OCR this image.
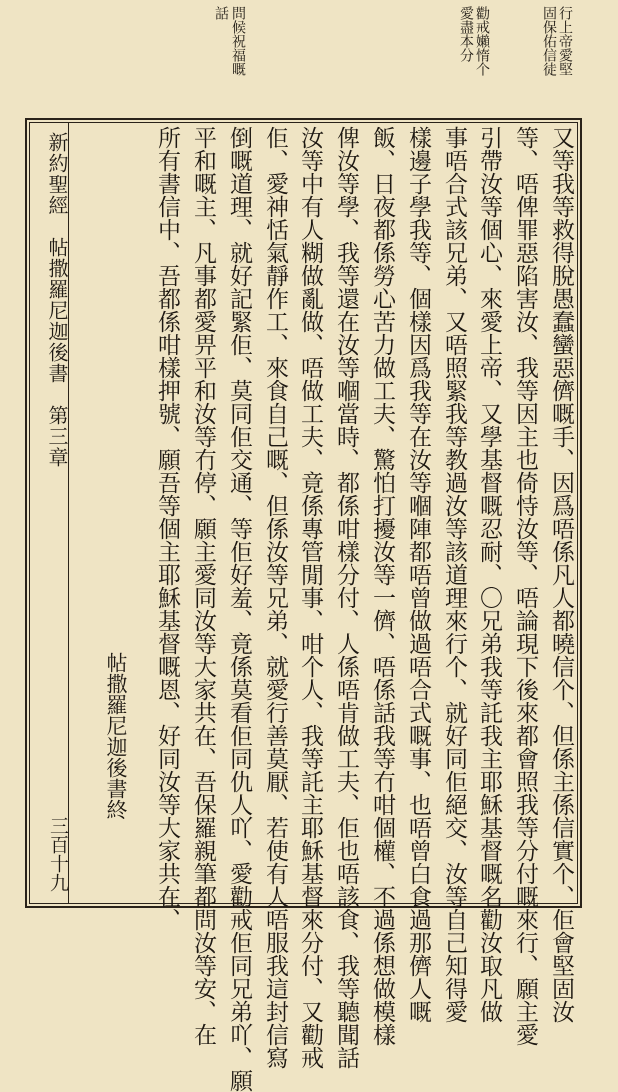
行上帝愛堅
固保佑信徒
勸戒嬾惰个
愛盡本分
問候祝福嘅
話
新約聖經　帖撒羅尼迦後書　第三章
三百十九	又等我等救得脫愚蠢蠻惡儕嘅手、因爲唔係凡人都曉信个、但係主係信實个、佢會堅固汝
等、唔俾罪惡陷害汝、我等因主也倚恃汝等、唔論現下後來都會照我等分付嘅來行、願主愛
引帶汝等個心、來愛上帝、又學基督嘅忍耐、〇兄弟我等託我主耶穌基督嘅名勸汝取凡做
事唔合式該兄弟、又唔照緊我等教過汝等該道理來行个、就好同佢絕交、汝等自己知得愛
樣邊子學我等、個樣因爲我等在汝等嗰陣都唔曾做過唔合式嘅事、也唔曾白食過那儕人嘅
飯、日夜都係勞心苦力做工夫、驚怕打擾汝等一儕、唔係話我等冇咁個權、不過係想做模樣
俾汝等學、我等還在汝等嗰當時、都係咁樣分付、人係唔肯做工夫、佢也唔該食、我等聽聞話
汝等中有人糊做亂做、唔做工夫、竟係專管閒事、咁个人、我等託主耶穌基督來分付、又勸戒
佢、愛神恬氣靜作工、來食自己嘅、但係汝等兄弟、就愛行善莫厭、若使有人唔服我這封信寫
倒嘅道理、就好記緊佢、莫同佢交通、等佢好羞、竟係莫看佢同仇人吖、愛勸戒佢同兄弟吖、願
平和嘅主、凡事都愛畀平和汝等冇停、願主愛同汝等大家共在、吾保羅親筆都問汝等安、在
所有書信中、吾都係咁樣押號、願吾等個主耶穌基督嘅恩、好同汝等大家共在、
帖撒羅尼迦後書終
